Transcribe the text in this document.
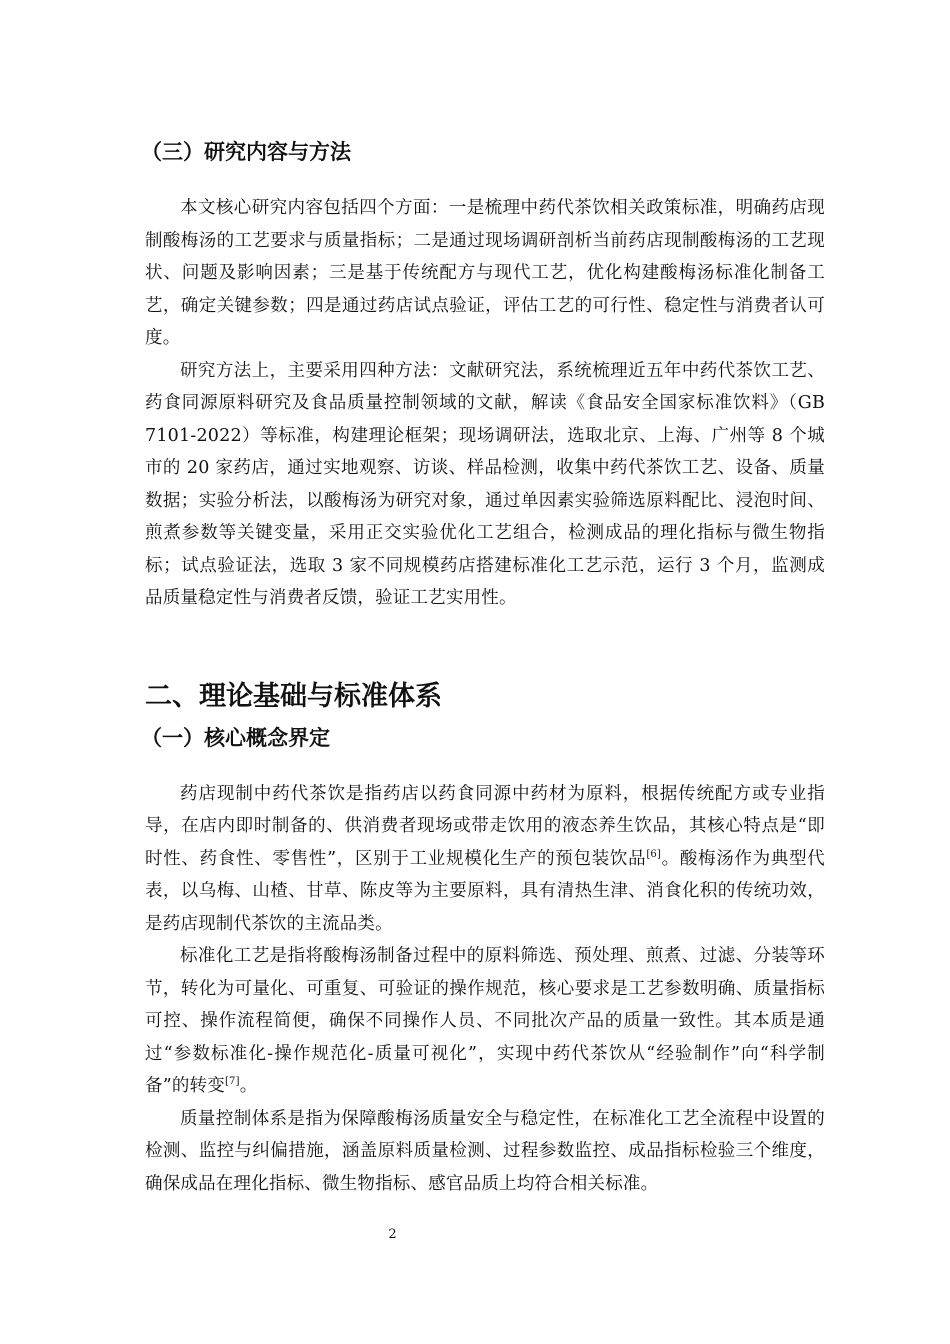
（三）研究内容与方法

本文核心研究内容包括四个方面：一是梳理中药代茶饮相关政策标准，明确药店现制酸梅汤的工艺要求与质量指标；二是通过现场调研剖析当前药店现制酸梅汤的工艺现状、问题及影响因素；三是基于传统配方与现代工艺，优化构建酸梅汤标准化制备工艺，确定关键参数；四是通过药店试点验证，评估工艺的可行性、稳定性与消费者认可度。

研究方法上，主要采用四种方法：文献研究法，系统梳理近五年中药代茶饮工艺、药食同源原料研究及食品质量控制领域的文献，解读《食品安全国家标准饮料》（GB 7101-2022）等标准，构建理论框架；现场调研法，选取北京、上海、广州等 8 个城市的 20 家药店，通过实地观察、访谈、样品检测，收集中药代茶饮工艺、设备、质量数据；实验分析法，以酸梅汤为研究对象，通过单因素实验筛选原料配比、浸泡时间、煎煮参数等关键变量，采用正交实验优化工艺组合，检测成品的理化指标与微生物指标；试点验证法，选取 3 家不同规模药店搭建标准化工艺示范，运行 3 个月，监测成品质量稳定性与消费者反馈，验证工艺实用性。

二、理论基础与标准体系
（一）核心概念界定

药店现制中药代茶饮是指药店以药食同源中药材为原料，根据传统配方或专业指导，在店内即时制备的、供消费者现场或带走饮用的液态养生饮品，其核心特点是“即时性、药食性、零售性”，区别于工业规模化生产的预包装饮品[6]。酸梅汤作为典型代表，以乌梅、山楂、甘草、陈皮等为主要原料，具有清热生津、消食化积的传统功效，是药店现制代茶饮的主流品类。

标准化工艺是指将酸梅汤制备过程中的原料筛选、预处理、煎煮、过滤、分装等环节，转化为可量化、可重复、可验证的操作规范，核心要求是工艺参数明确、质量指标可控、操作流程简便，确保不同操作人员、不同批次产品的质量一致性。其本质是通过“参数标准化-操作规范化-质量可视化”，实现中药代茶饮从“经验制作”向“科学制备”的转变[7]。

质量控制体系是指为保障酸梅汤质量安全与稳定性，在标准化工艺全流程中设置的检测、监控与纠偏措施，涵盖原料质量检测、过程参数监控、成品指标检验三个维度，确保成品在理化指标、微生物指标、感官品质上均符合相关标准。

2
